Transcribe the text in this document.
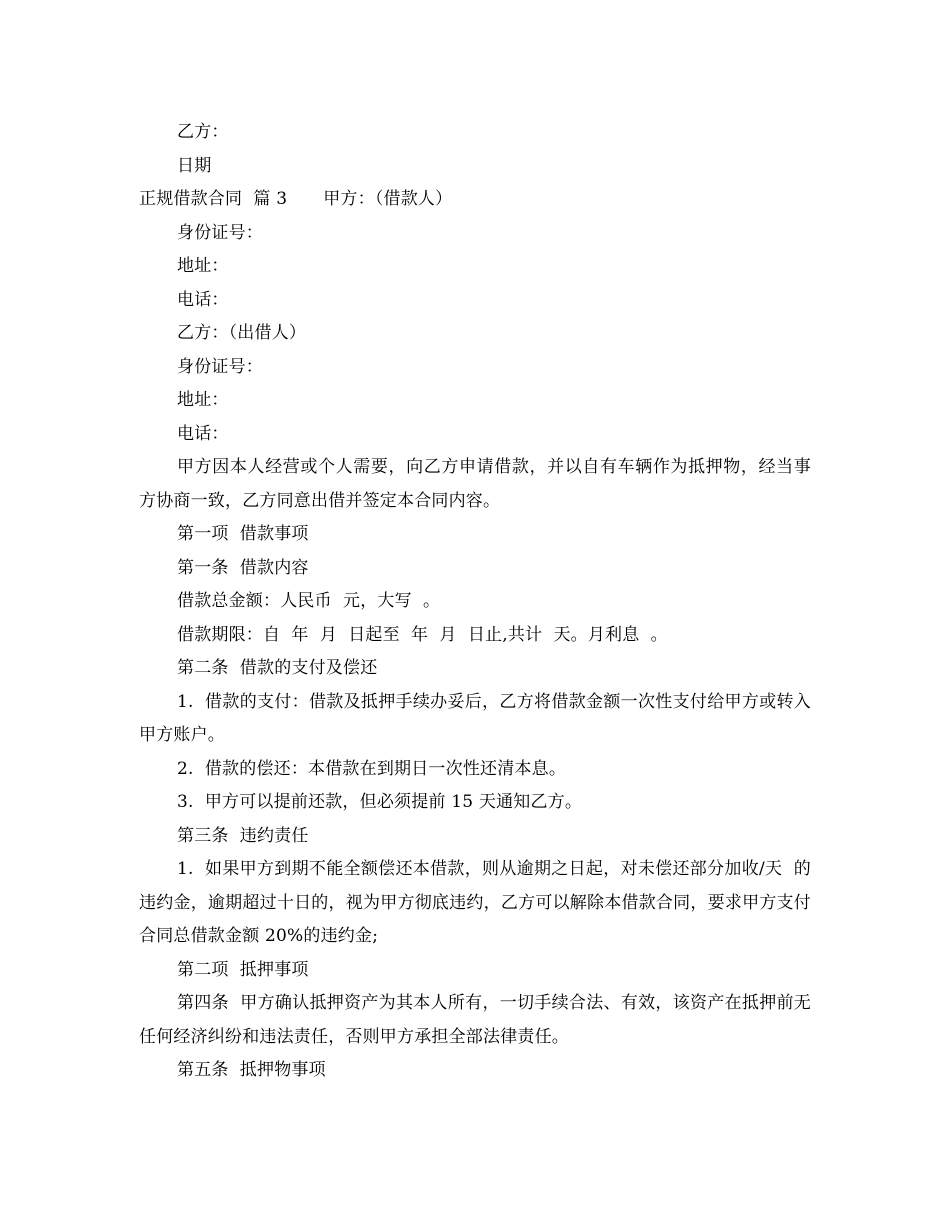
乙方：

日期

正规借款合同  篇 3 甲方：（借款人）

身份证号：

地址：

电话：

乙方：（出借人）

身份证号：

地址：

电话：

甲方因本人经营或个人需要，向乙方申请借款，并以自有车辆作为抵押物，经当事方协商一致，乙方同意出借并签定本合同内容。

第一项  借款事项

第一条  借款内容

借款总金额：人民币  元，大写  。

借款期限：自  年  月  日起至  年  月  日止,共计  天。月利息  。

第二条  借款的支付及偿还

1.  借款的支付：借款及抵押手续办妥后，乙方将借款金额一次性支付给甲方或转入甲方账户。

2.  借款的偿还：本借款在到期日一次性还清本息。

3.  甲方可以提前还款，但必须提前 15 天通知乙方。

第三条  违约责任

1.  如果甲方到期不能全额偿还本借款，则从逾期之日起，对未偿还部分加收/天  的违约金，逾期超过十日的，视为甲方彻底违约，乙方可以解除本借款合同，要求甲方支付合同总借款金额 20%的违约金;

第二项  抵押事项

第四条  甲方确认抵押资产为其本人所有，一切手续合法、有效，该资产在抵押前无任何经济纠纷和违法责任，否则甲方承担全部法律责任。

第五条  抵押物事项
